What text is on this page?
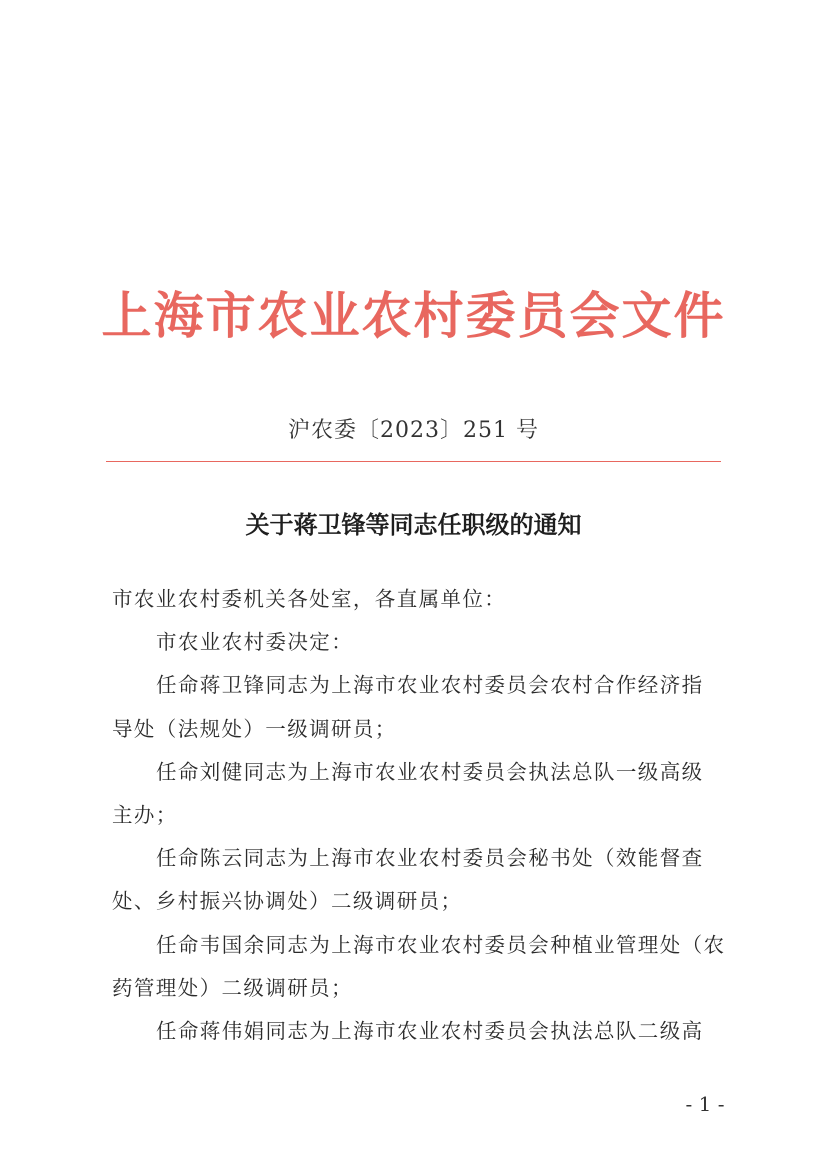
上海市农业农村委员会文件
沪农委〔2023〕251 号
关于蒋卫锋等同志任职级的通知
市农业农村委机关各处室，各直属单位：
市农业农村委决定：
任命蒋卫锋同志为上海市农业农村委员会农村合作经济指
导处（法规处）一级调研员；
任命刘健同志为上海市农业农村委员会执法总队一级高级
主办；
任命陈云同志为上海市农业农村委员会秘书处（效能督查
处、乡村振兴协调处）二级调研员；
任命韦国余同志为上海市农业农村委员会种植业管理处（农
药管理处）二级调研员；
任命蒋伟娟同志为上海市农业农村委员会执法总队二级高
- 1 -
